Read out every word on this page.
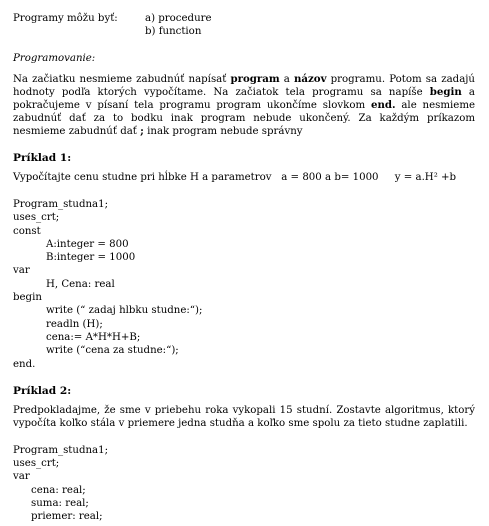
Programy môžu byť:	a) procedure
b) function
Programovanie:
Na začiatku nesmieme zabudnúť napísať program a názov programu. Potom sa zadajú hodnoty podľa ktorých vypočítame. Na začiatok tela programu sa napíše begin a pokračujeme v písaní tela programu program ukončíme slovkom end. ale nesmieme zabudnúť dať za to bodku inak program nebude ukončený. Za každým príkazom nesmieme zabudnúť dať ; inak program nebude správny
Príklad 1:
Vypočítajte cenu studne pri hĺbke H a parametrov   a = 800 a b= 1000     y = a.H² +b
Program_studna1;
uses_crt;
const
A:integer = 800
B:integer = 1000
var
H, Cena: real
begin
write (“ zadaj hlbku studne:“);
readln (H);
cena:= A*H*H+B;
write (“cena za studne:“);
end.
Príklad 2:
Predpokladajme, že sme v priebehu roka vykopali 15 studní. Zostavte algoritmus, ktorý vypočíta koľko stála v priemere jedna studňa a koľko sme spolu za tieto studne zaplatili.
Program_studna1;
uses_crt;
var
cena: real;
suma: real;
priemer: real;
